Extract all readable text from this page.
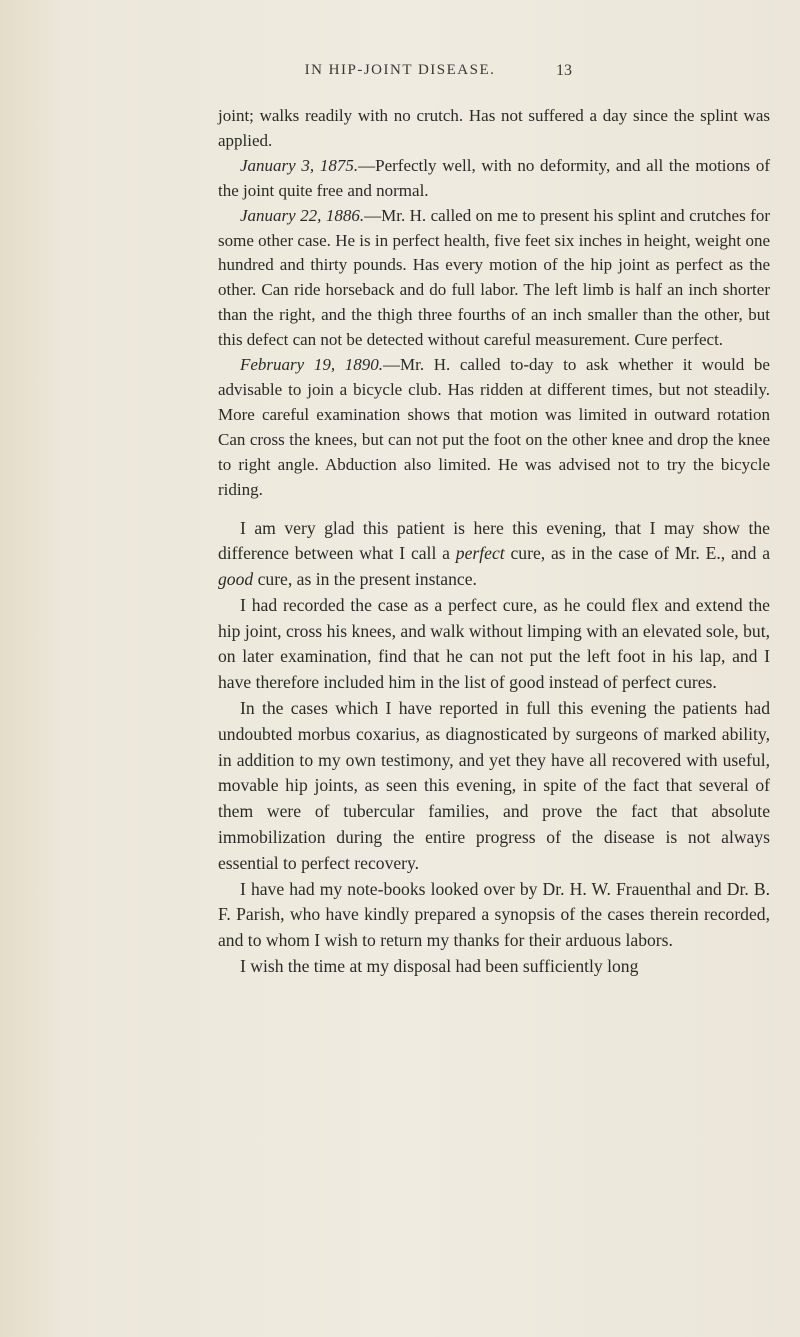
IN HIP-JOINT DISEASE.	13

joint; walks readily with no crutch. Has not suffered a day since the splint was applied.

January 3, 1875.—Perfectly well, with no deformity, and all the motions of the joint quite free and normal.

January 22, 1886.—Mr. H. called on me to present his splint and crutches for some other case. He is in perfect health, five feet six inches in height, weight one hundred and thirty pounds. Has every motion of the hip joint as perfect as the other. Can ride horseback and do full labor. The left limb is half an inch shorter than the right, and the thigh three fourths of an inch smaller than the other, but this defect can not be detected without careful measurement. Cure perfect.

February 19, 1890.—Mr. H. called to-day to ask whether it would be advisable to join a bicycle club. Has ridden at different times, but not steadily. More careful examination shows that motion was limited in outward rotation Can cross the knees, but can not put the foot on the other knee and drop the knee to right angle. Abduction also limited. He was advised not to try the bicycle riding.

I am very glad this patient is here this evening, that I may show the difference between what I call a perfect cure, as in the case of Mr. E., and a good cure, as in the present instance.

I had recorded the case as a perfect cure, as he could flex and extend the hip joint, cross his knees, and walk without limping with an elevated sole, but, on later examination, find that he can not put the left foot in his lap, and I have therefore included him in the list of good instead of perfect cures.

In the cases which I have reported in full this evening the patients had undoubted morbus coxarius, as diagnosticated by surgeons of marked ability, in addition to my own testimony, and yet they have all recovered with useful, movable hip joints, as seen this evening, in spite of the fact that several of them were of tubercular families, and prove the fact that absolute immobilization during the entire progress of the disease is not always essential to perfect recovery.

I have had my note-books looked over by Dr. H. W. Frauenthal and Dr. B. F. Parish, who have kindly prepared a synopsis of the cases therein recorded, and to whom I wish to return my thanks for their arduous labors.

I wish the time at my disposal had been sufficiently long
